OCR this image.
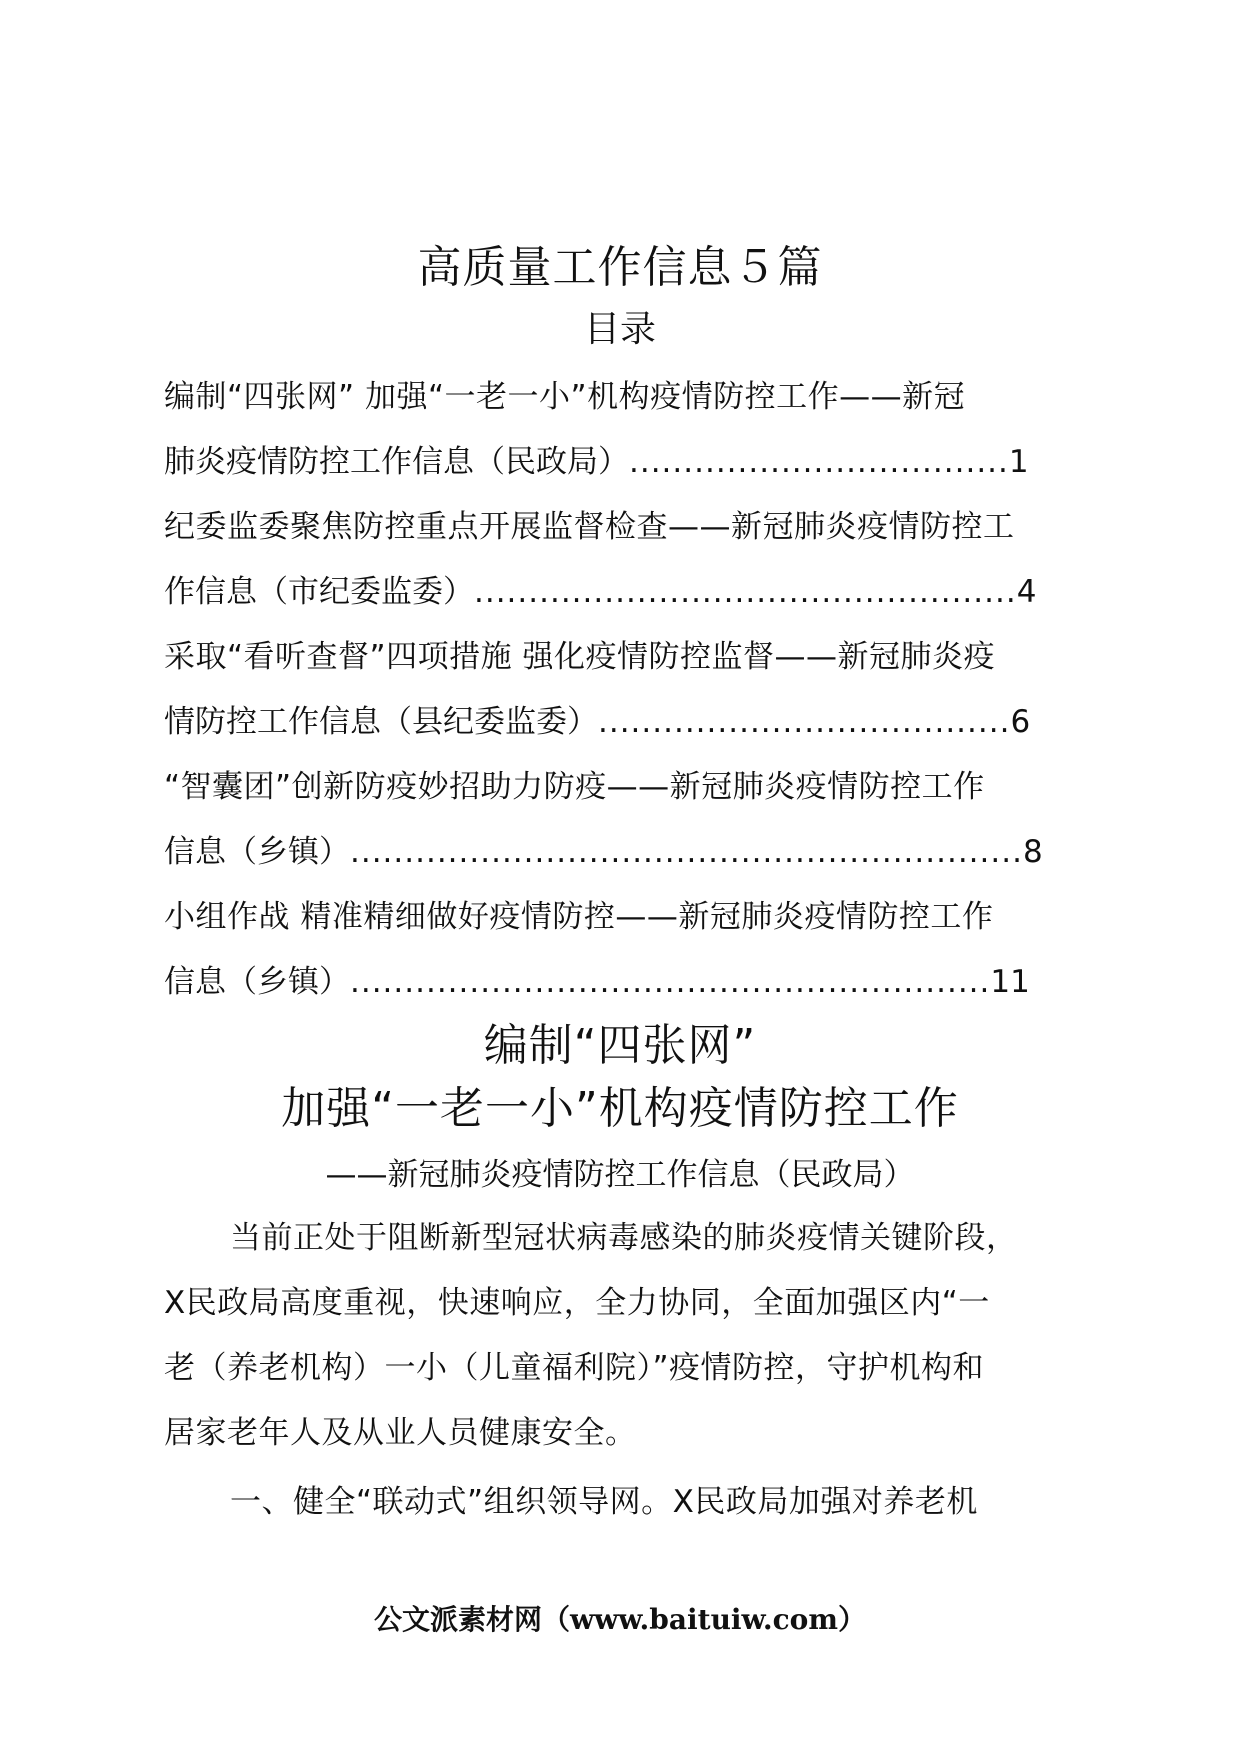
高质量工作信息５篇
目录
编制“四张网” 加强“一老一小”机构疫情防控工作——新冠
肺炎疫情防控工作信息（民政局） ................................... 1
纪委监委聚焦防控重点开展监督检查——新冠肺炎疫情防控工
作信息（市纪委监委） .................................................. 4
采取“看听查督”四项措施 强化疫情防控监督——新冠肺炎疫
情防控工作信息（县纪委监委） ...................................... 6
“智囊团”创新防疫妙招助力防疫——新冠肺炎疫情防控工作
信息（乡镇） .............................................................. 8
小组作战 精准精细做好疫情防控——新冠肺炎疫情防控工作
信息（乡镇） ........................................................... 11
编制“四张网”
加强“一老一小”机构疫情防控工作
——新冠肺炎疫情防控工作信息（民政局）
当前正处于阻断新型冠状病毒感染的肺炎疫情关键阶段，
X民政局高度重视，快速响应，全力协同，全面加强区内“一
老（养老机构）一小（儿童福利院）”疫情防控，守护机构和
居家老年人及从业人员健康安全。
一、健全“联动式”组织领导网。X民政局加强对养老机
公文派素材网（www.baituiw.com）
